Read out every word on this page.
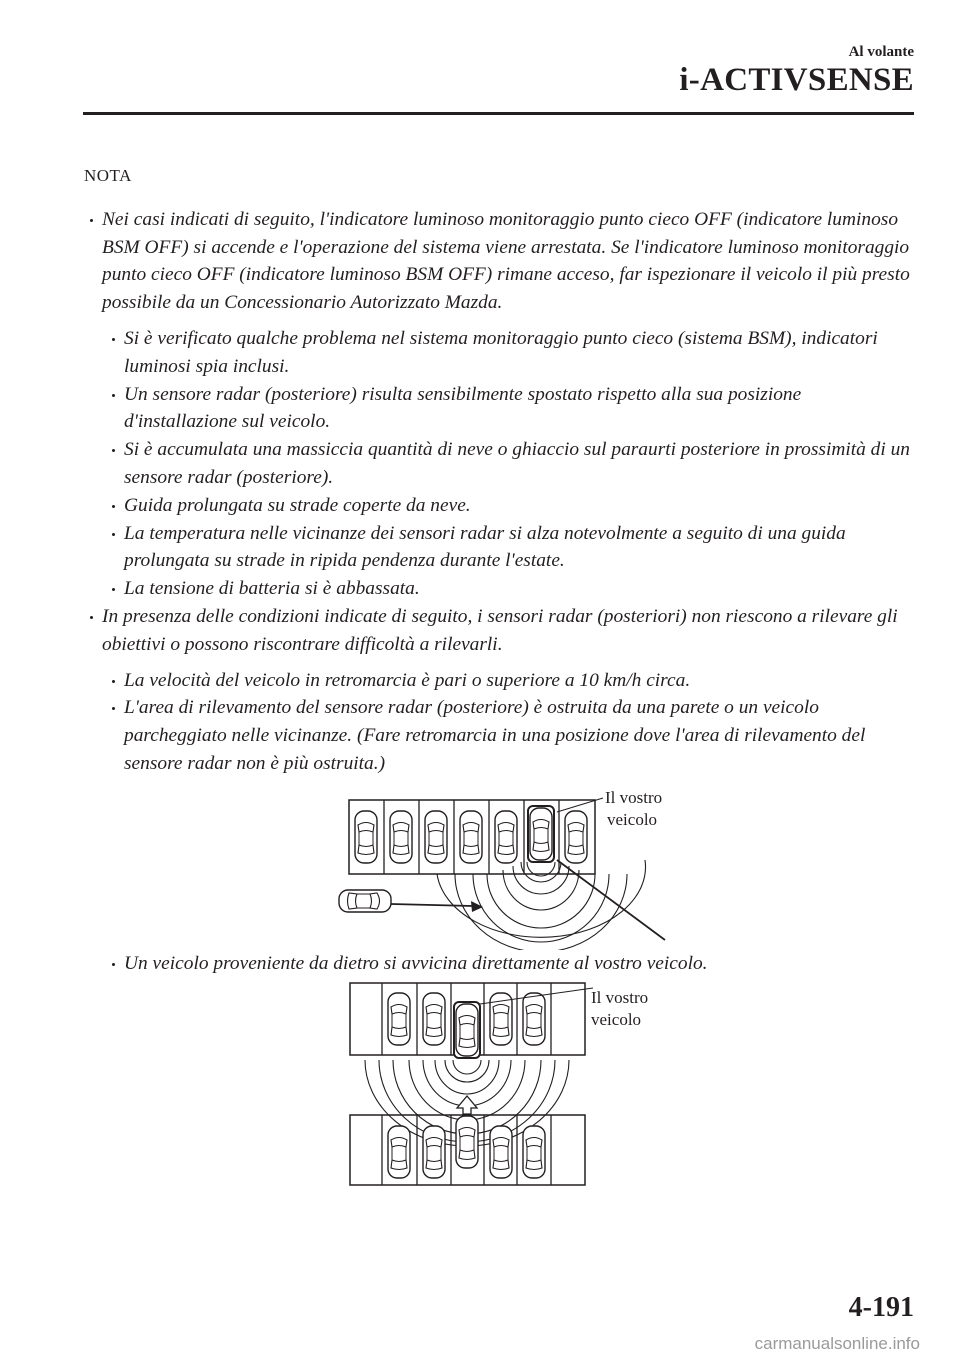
Al volante
i-ACTIVSENSE
NOTA
Nei casi indicati di seguito, l'indicatore luminoso monitoraggio punto cieco OFF (indicatore luminoso BSM OFF) si accende e l'operazione del sistema viene arrestata. Se l'indicatore luminoso monitoraggio punto cieco OFF (indicatore luminoso BSM OFF) rimane acceso, far ispezionare il veicolo il più presto possibile da un Concessionario Autorizzato Mazda.
Si è verificato qualche problema nel sistema monitoraggio punto cieco (sistema BSM), indicatori luminosi spia inclusi.
Un sensore radar (posteriore) risulta sensibilmente spostato rispetto alla sua posizione d'installazione sul veicolo.
Si è accumulata una massiccia quantità di neve o ghiaccio sul paraurti posteriore in prossimità di un sensore radar (posteriore).
Guida prolungata su strade coperte da neve.
La temperatura nelle vicinanze dei sensori radar si alza notevolmente a seguito di una guida prolungata su strade in ripida pendenza durante l'estate.
La tensione di batteria si è abbassata.
In presenza delle condizioni indicate di seguito, i sensori radar (posteriori) non riescono a rilevare gli obiettivi o possono riscontrare difficoltà a rilevarli.
La velocità del veicolo in retromarcia è pari o superiore a 10 km/h circa.
L'area di rilevamento del sensore radar (posteriore) è ostruita da una parete o un veicolo parcheggiato nelle vicinanze. (Fare retromarcia in una posizione dove l'area di rilevamento del sensore radar non è più ostruita.)
Il vostro
veicolo
Un veicolo proveniente da dietro si avvicina direttamente al vostro veicolo.
Il vostro
veicolo
4-191
carmanualsonline.info
